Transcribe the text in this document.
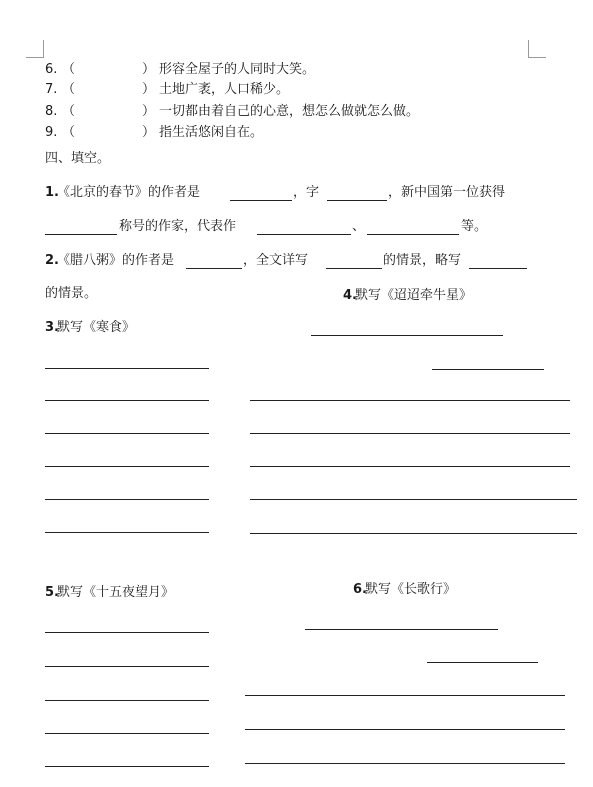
6. （	） 形容全屋子的人同时大笑。
7. （	） 土地广袤，人口稀少。
8. （	） 一切都由着自己的心意，想怎么做就怎么做。
9. （	） 指生活悠闲自在。
四、填空。
1.
《北京的春节》的作者是	，字	，新中国第一位获得
称号的作家，代表作	、	等。
2.
《腊八粥》的作者是	，全文详写	的情景，略写
的情景。	4.
默写《迢迢牵牛星》
3.
默写《寒食》
6.
默写《长歌行》
5.
默写《十五夜望月》
